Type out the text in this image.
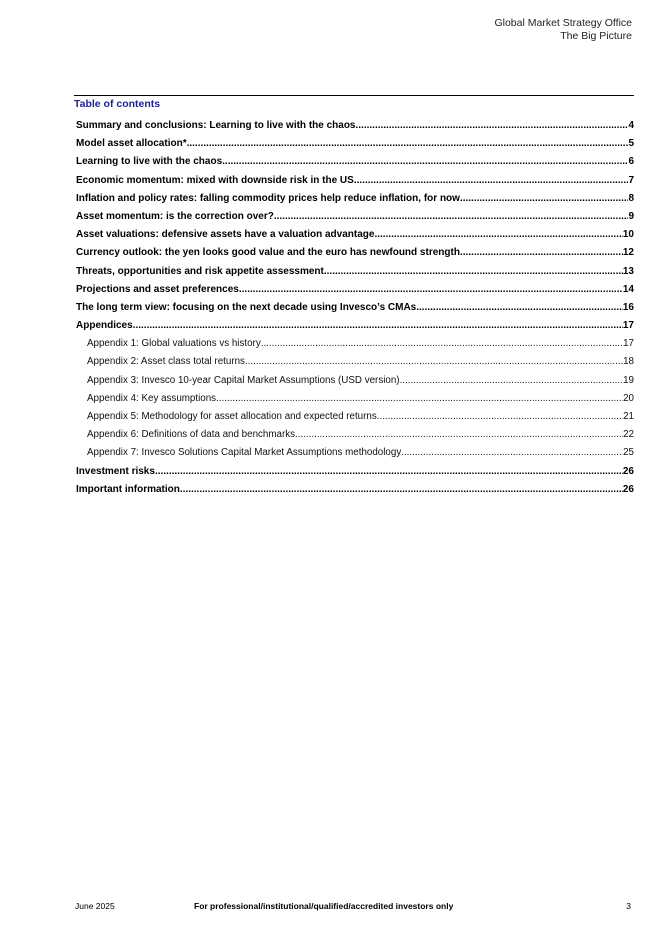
Global Market Strategy Office
The Big Picture
Table of contents
Summary and conclusions: Learning to live with the chaos .....	4
Model asset allocation* .....	5
Learning to live with the chaos .....	6
Economic momentum: mixed with downside risk in the US .....	7
Inflation and policy rates: falling commodity prices help reduce inflation, for now .....	8
Asset momentum: is the correction over? .....	9
Asset valuations: defensive assets have a valuation advantage .....	10
Currency outlook: the yen looks good value and the euro has newfound strength .....	12
Threats, opportunities and risk appetite assessment .....	13
Projections and asset preferences .....	14
The long term view: focusing on the next decade using Invesco’s CMAs .....	16
Appendices .....	17
Appendix 1: Global valuations vs history .....	17
Appendix 2: Asset class total returns .....	18
Appendix 3: Invesco 10-year Capital Market Assumptions (USD version) .....	19
Appendix 4: Key assumptions .....	20
Appendix 5: Methodology for asset allocation and expected returns .....	21
Appendix 6: Definitions of data and benchmarks .....	22
Appendix 7: Invesco Solutions Capital Market Assumptions methodology .....	25
Investment risks .....	26
Important information .....	26
June 2025	For professional/institutional/qualified/accredited investors only	3
